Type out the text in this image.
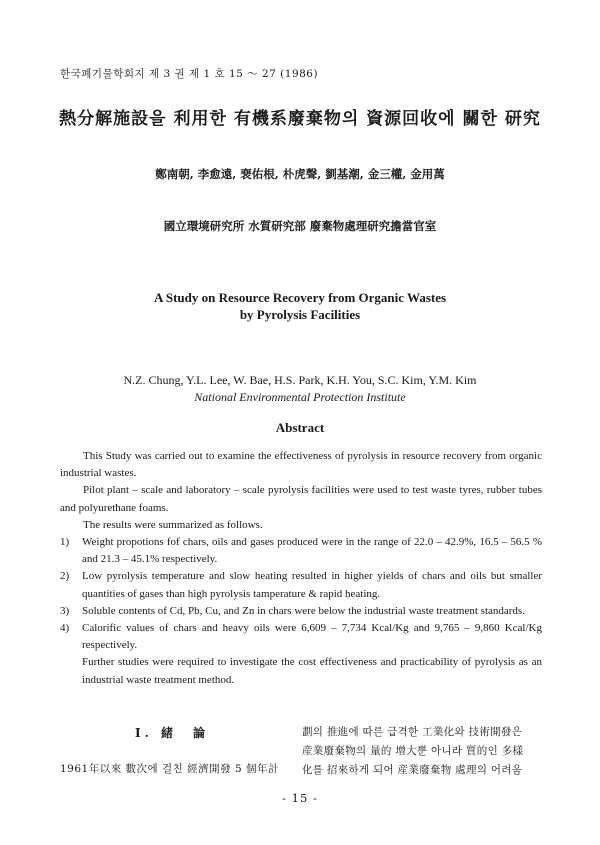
한국폐기물학회지 제 3 권 제 1 호 15 ～ 27 (1986)
熱分解施設을 利用한 有機系廢棄物의 資源回收에 關한 研究
鄭南朝, 李愈遠, 裵佑根, 朴虎聲, 劉基潮, 金三權, 金用萬
國立環境研究所 水質研究部 廢棄物處理研究擔當官室
A Study on Resource Recovery from Organic Wastes
by Pyrolysis Facilities
N.Z. Chung, Y.L. Lee, W. Bae, H.S. Park, K.H. You, S.C. Kim, Y.M. Kim
National Environmental Protection Institute
Abstract

This Study was carried out to examine the effectiveness of pyrolysis in resource recovery from organic industrial wastes.

Pilot plant – scale and laboratory – scale pyrolysis facilities were used to test waste tyres, rubber tubes and polyurethane foams.

The results were summarized as follows.

1)	Weight propotions fof chars, oils and gases produced were in the range of 22.0 – 42.9%, 16.5 – 56.5 % and 21.3 – 45.1% respectively.
2)	Low pyrolysis temperature and slow heating resulted in higher yields of chars and oils but smaller quantities of gases than high pyrolysis tamperature & rapid heating.
3)	Soluble contents of Cd, Pb, Cu, and Zn in chars were below the industrial waste treatment standards.
4)	Calorific values of chars and heavy oils were 6,609 – 7,734 Kcal/Kg and 9,765 – 9,860 Kcal/Kg respectively.
Further studies were required to investigate the cost effectiveness and practicability of pyrolysis as an industrial waste treatment method.
I. 緒　論
1961年以來 數次에 걸친 經濟開發 5 個年計

劃의 推進에 따른 급격한 工業化와 技術開發은

産業廢棄物의 量的 增大뿐 아니라 質的인 多樣

化를 招來하게 되어 産業廢棄物 處理의 어려움

- 15 -
